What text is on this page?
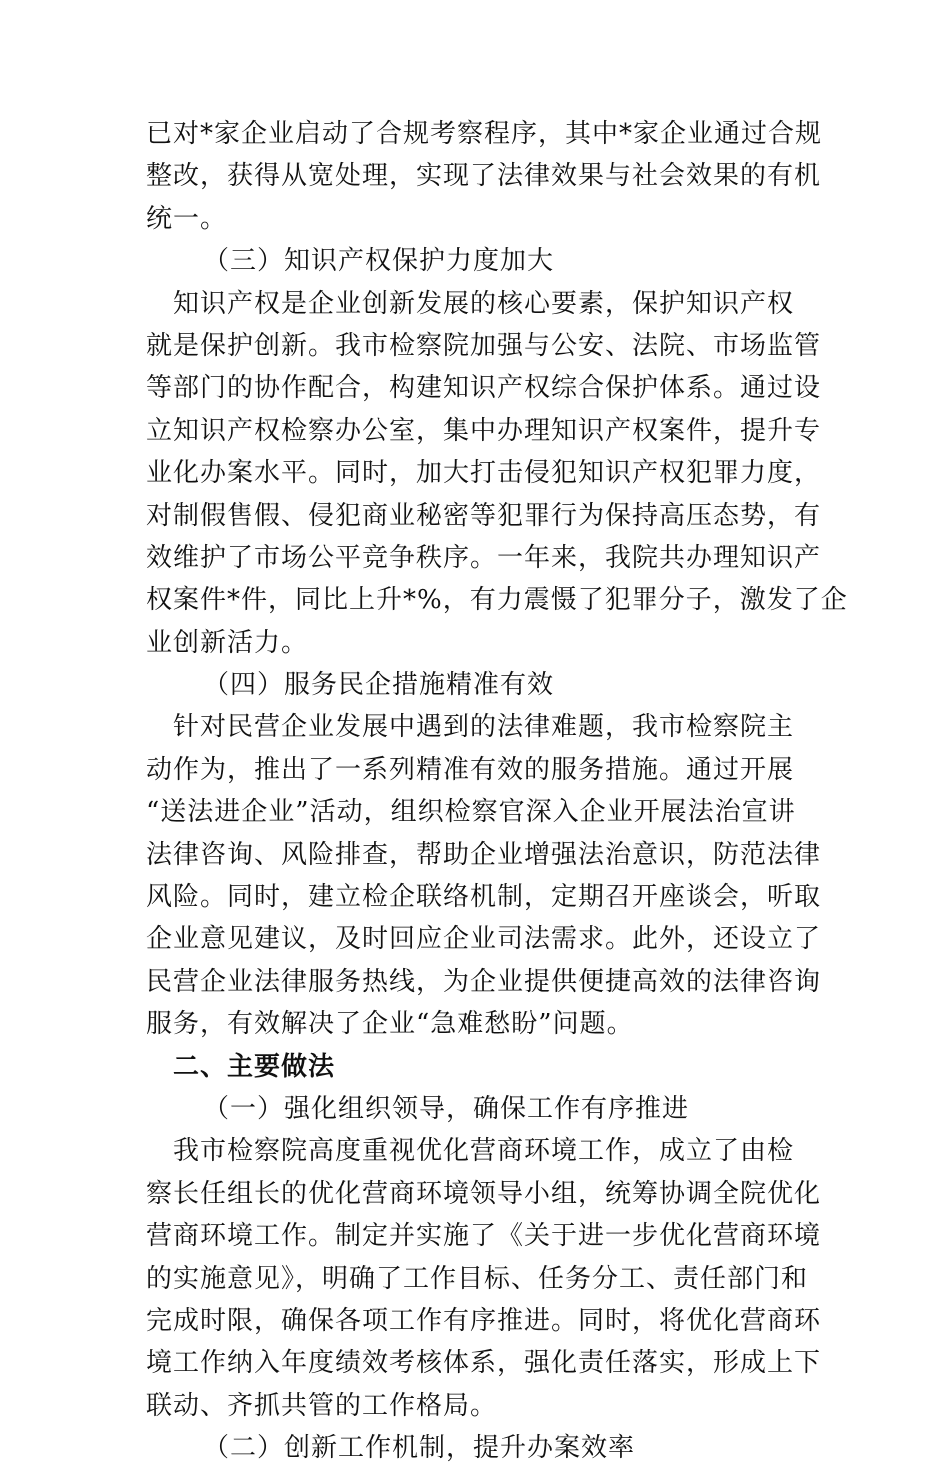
已对*家企业启动了合规考察程序，其中*家企业通过合规
整改，获得从宽处理，实现了法律效果与社会效果的有机
统一。
（三）知识产权保护力度加大
知识产权是企业创新发展的核心要素，保护知识产权
就是保护创新。我市检察院加强与公安、法院、市场监管
等部门的协作配合，构建知识产权综合保护体系。通过设
立知识产权检察办公室，集中办理知识产权案件，提升专
业化办案水平。同时，加大打击侵犯知识产权犯罪力度，
对制假售假、侵犯商业秘密等犯罪行为保持高压态势，有
效维护了市场公平竞争秩序。一年来，我院共办理知识产
权案件*件，同比上升*%，有力震慑了犯罪分子，激发了企
业创新活力。
（四）服务民企措施精准有效
针对民营企业发展中遇到的法律难题，我市检察院主
动作为，推出了一系列精准有效的服务措施。通过开展
“送法进企业”活动，组织检察官深入企业开展法治宣讲
法律咨询、风险排查，帮助企业增强法治意识，防范法律
风险。同时，建立检企联络机制，定期召开座谈会，听取
企业意见建议，及时回应企业司法需求。此外，还设立了
民营企业法律服务热线，为企业提供便捷高效的法律咨询
服务，有效解决了企业“急难愁盼”问题。
二、主要做法
（一）强化组织领导，确保工作有序推进
我市检察院高度重视优化营商环境工作，成立了由检
察长任组长的优化营商环境领导小组，统筹协调全院优化
营商环境工作。制定并实施了《关于进一步优化营商环境
的实施意见》，明确了工作目标、任务分工、责任部门和
完成时限，确保各项工作有序推进。同时，将优化营商环
境工作纳入年度绩效考核体系，强化责任落实，形成上下
联动、齐抓共管的工作格局。
（二）创新工作机制，提升办案效率
